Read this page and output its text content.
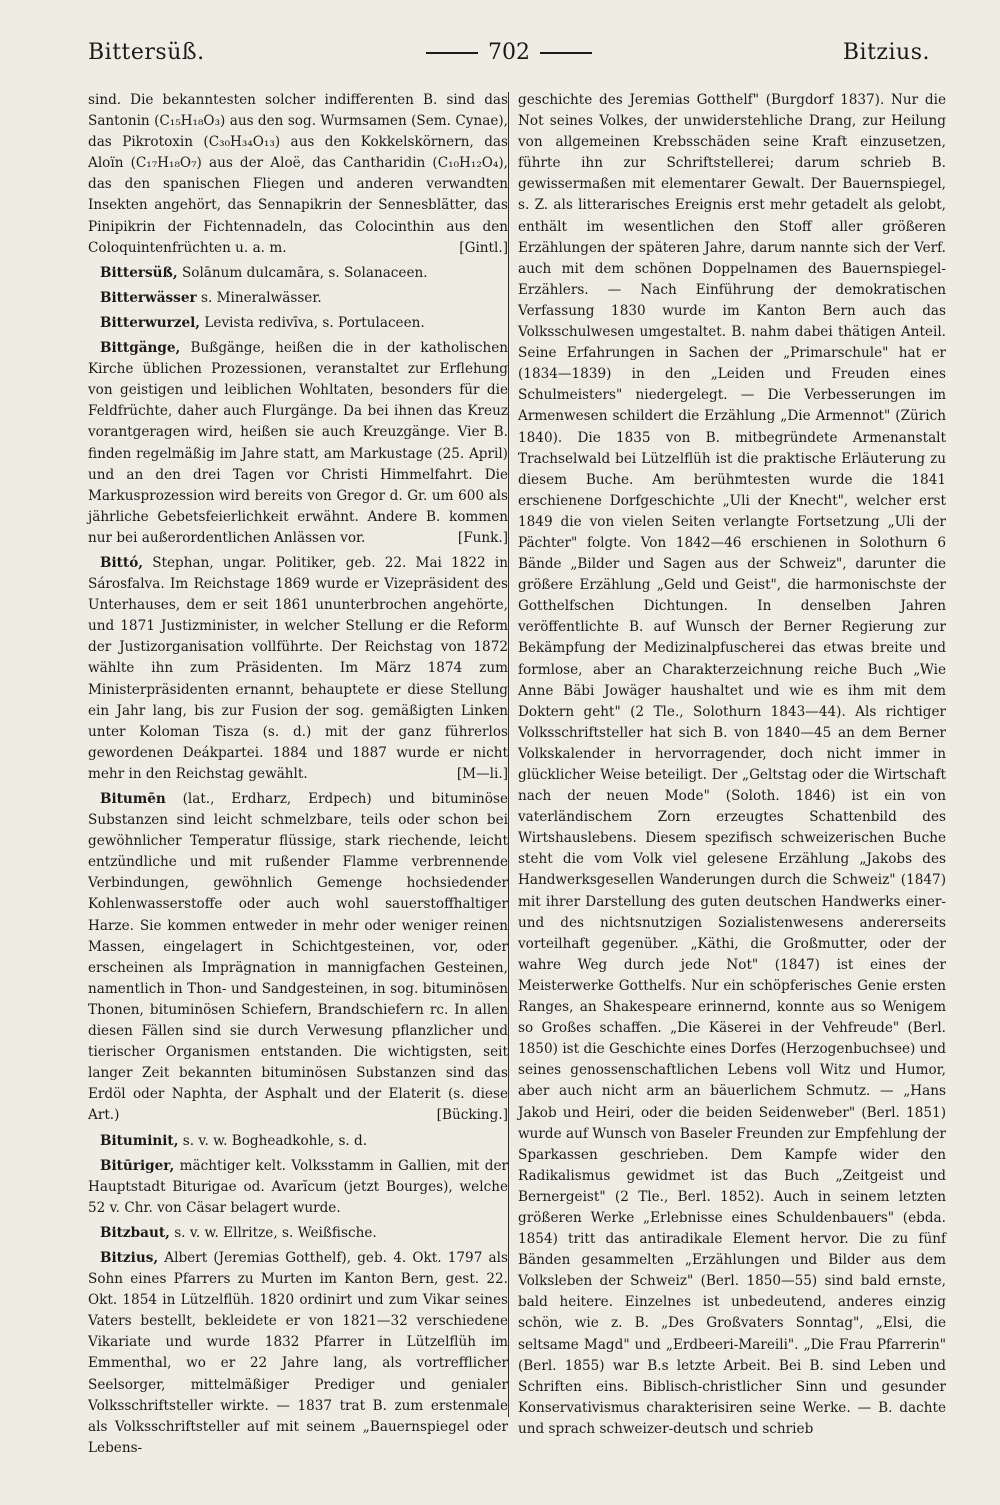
Bittersüß.	702	Bitzius.

sind. Die bekanntesten solcher indifferenten B. sind das Santonin (C₁₅H₁₈O₃) aus den sog. Wurmsamen (Sem. Cynae), das Pikrotoxin (C₃₀H₃₄O₁₃) aus den Kokkelskörnern, das Aloïn (C₁₇H₁₈O₇) aus der Aloë, das Cantharidin (C₁₀H₁₂O₄), das den spanischen Fliegen und anderen verwandten Insekten angehört, das Sennapikrin der Sennesblätter, das Pinipikrin der Fichtennadeln, das Colocinthin aus den Coloquintenfrüchten u. a. m.	[Gintl.]

Bittersüß, Solānum dulcamāra, s. Solanaceen.

Bitterwässer s. Mineralwässer.

Bitterwurzel, Levista redivīva, s. Portulaceen.

Bittgänge, Bußgänge, heißen die in der katholischen Kirche üblichen Prozessionen, veranstaltet zur Erflehung von geistigen und leiblichen Wohltaten, besonders für die Feldfrüchte, daher auch Flurgänge. Da bei ihnen das Kreuz vorantgeragen wird, heißen sie auch Kreuzgänge. Vier B. finden regelmäßig im Jahre statt, am Markustage (25. April) und an den drei Tagen vor Christi Himmelfahrt. Die Markusprozession wird bereits von Gregor d. Gr. um 600 als jährliche Gebetsfeierlichkeit erwähnt. Andere B. kommen nur bei außerordentlichen Anlässen vor.	[Funk.]

Bittó, Stephan, ungar. Politiker, geb. 22. Mai 1822 in Sárosfalva. Im Reichstage 1869 wurde er Vizepräsident des Unterhauses, dem er seit 1861 ununterbrochen angehörte, und 1871 Justizminister, in welcher Stellung er die Reform der Justizorganisation vollführte. Der Reichstag von 1872 wählte ihn zum Präsidenten. Im März 1874 zum Ministerpräsidenten ernannt, behauptete er diese Stellung ein Jahr lang, bis zur Fusion der sog. gemäßigten Linken unter Koloman Tisza (s. d.) mit der ganz führerlos gewordenen Deákpartei. 1884 und 1887 wurde er nicht mehr in den Reichstag gewählt.	[M—li.]

Bitumēn (lat., Erdharz, Erdpech) und bituminöse Substanzen sind leicht schmelzbare, teils oder schon bei gewöhnlicher Temperatur flüssige, stark riechende, leicht entzündliche und mit rußender Flamme verbrennende Verbindungen, gewöhnlich Gemenge hochsiedender Kohlenwasserstoffe oder auch wohl sauerstoffhaltiger Harze. Sie kommen entweder in mehr oder weniger reinen Massen, eingelagert in Schichtgesteinen, vor, oder erscheinen als Imprägnation in mannigfachen Gesteinen, namentlich in Thon- und Sandgesteinen, in sog. bituminösen Thonen, bituminösen Schiefern, Brandschiefern rc. In allen diesen Fällen sind sie durch Verwesung pflanzlicher und tierischer Organismen entstanden. Die wichtigsten, seit langer Zeit bekannten bituminösen Substanzen sind das Erdöl oder Naphta, der Asphalt und der Elaterit (s. diese Art.)	[Bücking.]

Bituminit, s. v. w. Bogheadkohle, s. d.

Bitūriger, mächtiger kelt. Volksstamm in Gallien, mit der Hauptstadt Biturigae od. Avarĭcum (jetzt Bourges), welche 52 v. Chr. von Cäsar belagert wurde.

Bitzbaut, s. v. w. Ellritze, s. Weißfische.

Bitzius, Albert (Jeremias Gotthelf), geb. 4. Okt. 1797 als Sohn eines Pfarrers zu Murten im Kanton Bern, gest. 22. Okt. 1854 in Lützelflüh. 1820 ordinirt und zum Vikar seines Vaters bestellt, bekleidete er von 1821—32 verschiedene Vikariate und wurde 1832 Pfarrer in Lützelflüh im Emmenthal, wo er 22 Jahre lang, als vortrefflicher Seelsorger, mittelmäßiger Prediger und genialer Volksschriftsteller wirkte. — 1837 trat B. zum erstenmale als Volksschriftsteller auf mit seinem „Bauernspiegel oder Lebens-

geschichte des Jeremias Gotthelf" (Burgdorf 1837). Nur die Not seines Volkes, der unwiderstehliche Drang, zur Heilung von allgemeinen Krebsschäden seine Kraft einzusetzen, führte ihn zur Schriftstellerei; darum schrieb B. gewissermaßen mit elementarer Gewalt. Der Bauernspiegel, s. Z. als litterarisches Ereignis erst mehr getadelt als gelobt, enthält im wesentlichen den Stoff aller größeren Erzählungen der späteren Jahre, darum nannte sich der Verf. auch mit dem schönen Doppelnamen des Bauernspiegel-Erzählers. — Nach Einführung der demokratischen Verfassung 1830 wurde im Kanton Bern auch das Volksschulwesen umgestaltet. B. nahm dabei thätigen Anteil. Seine Erfahrungen in Sachen der „Primarschule" hat er (1834—1839) in den „Leiden und Freuden eines Schulmeisters" niedergelegt. — Die Verbesserungen im Armenwesen schildert die Erzählung „Die Armennot" (Zürich 1840). Die 1835 von B. mitbegründete Armenanstalt Trachselwald bei Lützelflüh ist die praktische Erläuterung zu diesem Buche. Am berühmtesten wurde die 1841 erschienene Dorfgeschichte „Uli der Knecht", welcher erst 1849 die von vielen Seiten verlangte Fortsetzung „Uli der Pächter" folgte. Von 1842—46 erschienen in Solothurn 6 Bände „Bilder und Sagen aus der Schweiz", darunter die größere Erzählung „Geld und Geist", die harmonischste der Gotthelfschen Dichtungen. In denselben Jahren veröffentlichte B. auf Wunsch der Berner Regierung zur Bekämpfung der Medizinalpfuscherei das etwas breite und formlose, aber an Charakterzeichnung reiche Buch „Wie Anne Bäbi Jowäger haushaltet und wie es ihm mit dem Doktern geht" (2 Tle., Solothurn 1843—44). Als richtiger Volksschriftsteller hat sich B. von 1840—45 an dem Berner Volkskalender in hervorragender, doch nicht immer in glücklicher Weise beteiligt. Der „Geltstag oder die Wirtschaft nach der neuen Mode" (Soloth. 1846) ist ein von vaterländischem Zorn erzeugtes Schattenbild des Wirtshauslebens. Diesem spezifisch schweizerischen Buche steht die vom Volk viel gelesene Erzählung „Jakobs des Handwerksgesellen Wanderungen durch die Schweiz" (1847) mit ihrer Darstellung des guten deutschen Handwerks einer- und des nichtsnutzigen Sozialistenwesens andererseits vorteilhaft gegenüber. „Käthi, die Großmutter, oder der wahre Weg durch jede Not" (1847) ist eines der Meisterwerke Gotthelfs. Nur ein schöpferisches Genie ersten Ranges, an Shakespeare erinnernd, konnte aus so Wenigem so Großes schaffen. „Die Käserei in der Vehfreude" (Berl. 1850) ist die Geschichte eines Dorfes (Herzogenbuchsee) und seines genossenschaftlichen Lebens voll Witz und Humor, aber auch nicht arm an bäuerlichem Schmutz. — „Hans Jakob und Heiri, oder die beiden Seidenweber" (Berl. 1851) wurde auf Wunsch von Baseler Freunden zur Empfehlung der Sparkassen geschrieben. Dem Kampfe wider den Radikalismus gewidmet ist das Buch „Zeitgeist und Bernergeist" (2 Tle., Berl. 1852). Auch in seinem letzten größeren Werke „Erlebnisse eines Schuldenbauers" (ebda. 1854) tritt das antiradikale Element hervor. Die zu fünf Bänden gesammelten „Erzählungen und Bilder aus dem Volksleben der Schweiz" (Berl. 1850—55) sind bald ernste, bald heitere. Einzelnes ist unbedeutend, anderes einzig schön, wie z. B. „Des Großvaters Sonntag", „Elsi, die seltsame Magd" und „Erdbeeri-Mareili". „Die Frau Pfarrerin" (Berl. 1855) war B.s letzte Arbeit. Bei B. sind Leben und Schriften eins. Biblisch-christlicher Sinn und gesunder Konservativismus charakterisiren seine Werke. — B. dachte und sprach schweizer-deutsch und schrieb
